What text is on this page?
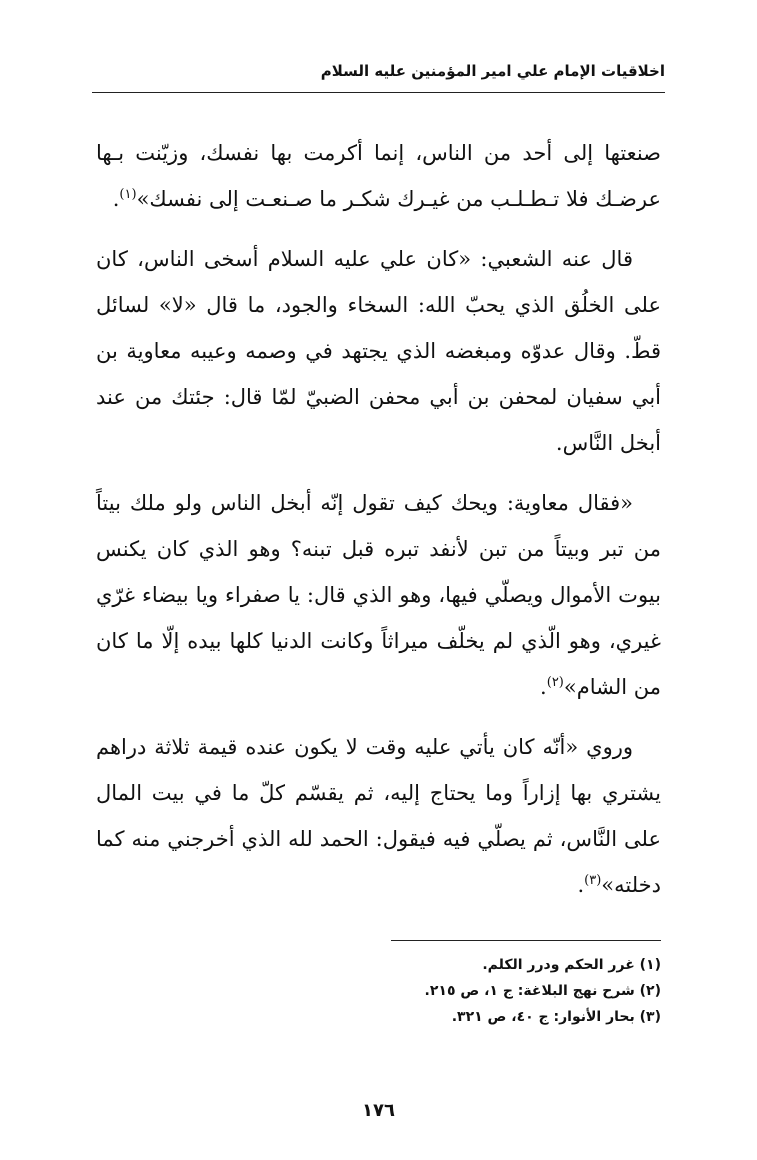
اخلاقيات الإمام علي امير المؤمنين عليه السلام

صنعتها إلى أحد من الناس، إنما أكرمت بها نفسك، وزيّنت بـها عرضـك فلا تـطـلـب من غيـرك شكـر ما صـنعـت إلى نفسك»$^{(١)}$.

قال عنه الشعبي: «كان علي عليه السلام أسخى الناس، كان على الخلُق الذي يحبّ الله: السخاء والجود، ما قال «لا» لسائل قطّ. وقال عدوّه ومبغضه الذي يجتهد في وصمه وعيبه معاوية بن أبي سفيان لمحفن بن أبي محفن الضبيّ لمّا قال: جئتك من عند أبخل النَّاس.

«فقال معاوية: ويحك كيف تقول إنّه أبخل الناس ولو ملك بيتاً من تبر وبيتاً من تبن لأنفد تبره قبل تبنه؟ وهو الذي كان يكنس بيوت الأموال ويصلّي فيها، وهو الذي قال: يا صفراء ويا بيضاء غرّي غيري، وهو الّذي لم يخلّف ميراثاً وكانت الدنيا كلها بيده إلّا ما كان من الشام»$^{(٢)}$.

وروي «أنّه كان يأتي عليه وقت لا يكون عنده قيمة ثلاثة دراهم يشتري بها إزاراً وما يحتاج إليه، ثم يقسّم كلّ ما في بيت المال على النَّاس، ثم يصلّي فيه فيقول: الحمد لله الذي أخرجني منه كما دخلته»$^{(٣)}$.

(١) غرر الحكم ودرر الكلم.
(٢) شرح نهج البلاغة: ج ١، ص ٢١٥.
(٣) بحار الأنوار: ج ٤٠، ص ٣٢١.
١٧٦
